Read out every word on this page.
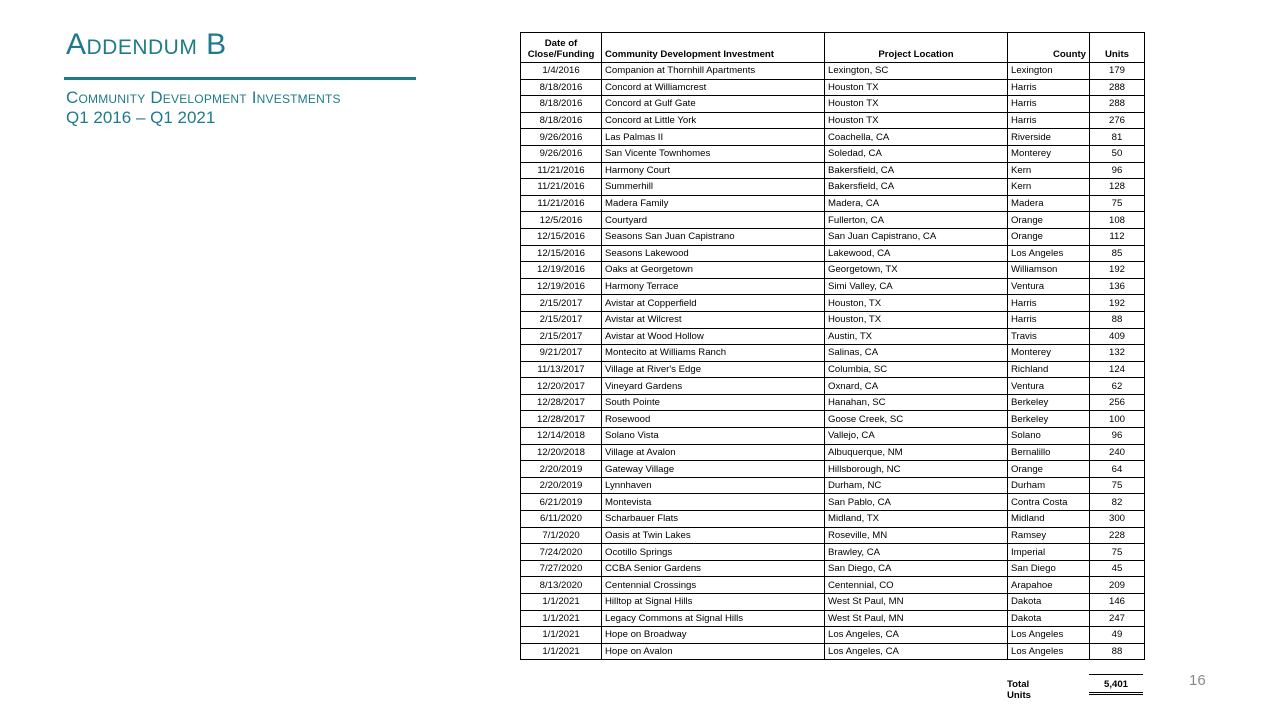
Addendum B
Community Development Investments
Q1 2016 – Q1 2021
Date of
Close/Funding	Community Development Investment	Project Location	County	Units
1/4/2016	Companion at Thornhill Apartments	Lexington, SC	Lexington	179
8/18/2016	Concord at Williamcrest	Houston TX	Harris	288
8/18/2016	Concord at Gulf Gate	Houston TX	Harris	288
8/18/2016	Concord at Little York	Houston TX	Harris	276
9/26/2016	Las Palmas II	Coachella, CA	Riverside	81
9/26/2016	San Vicente Townhomes	Soledad, CA	Monterey	50
11/21/2016	Harmony Court	Bakersfield, CA	Kern	96
11/21/2016	Summerhill	Bakersfield, CA	Kern	128
11/21/2016	Madera Family	Madera, CA	Madera	75
12/5/2016	Courtyard	Fullerton, CA	Orange	108
12/15/2016	Seasons San Juan Capistrano	San Juan Capistrano, CA	Orange	112
12/15/2016	Seasons Lakewood	Lakewood, CA	Los Angeles	85
12/19/2016	Oaks at Georgetown	Georgetown, TX	Williamson	192
12/19/2016	Harmony Terrace	Simi Valley, CA	Ventura	136
2/15/2017	Avistar at Copperfield	Houston, TX	Harris	192
2/15/2017	Avistar at Wilcrest	Houston, TX	Harris	88
2/15/2017	Avistar at Wood Hollow	Austin, TX	Travis	409
9/21/2017	Montecito at Williams Ranch	Salinas, CA	Monterey	132
11/13/2017	Village at River's Edge	Columbia, SC	Richland	124
12/20/2017	Vineyard Gardens	Oxnard, CA	Ventura	62
12/28/2017	South Pointe	Hanahan, SC	Berkeley	256
12/28/2017	Rosewood	Goose Creek, SC	Berkeley	100
12/14/2018	Solano Vista	Vallejo, CA	Solano	96
12/20/2018	Village at Avalon	Albuquerque, NM	Bernalillo	240
2/20/2019	Gateway Village	Hillsborough, NC	Orange	64
2/20/2019	Lynnhaven	Durham, NC	Durham	75
6/21/2019	Montevista	San Pablo, CA	Contra Costa	82
6/11/2020	Scharbauer Flats	Midland, TX	Midland	300
7/1/2020	Oasis at Twin Lakes	Roseville, MN	Ramsey	228
7/24/2020	Ocotillo Springs	Brawley, CA	Imperial	75
7/27/2020	CCBA Senior Gardens	San Diego, CA	San Diego	45
8/13/2020	Centennial Crossings	Centennial, CO	Arapahoe	209
1/1/2021	Hilltop at Signal Hills	West St Paul, MN	Dakota	146
1/1/2021	Legacy Commons at Signal Hills	West St Paul, MN	Dakota	247
1/1/2021	Hope on Broadway	Los Angeles, CA	Los Angeles	49
1/1/2021	Hope on Avalon	Los Angeles, CA	Los Angeles	88
Total Units
5,401	16
